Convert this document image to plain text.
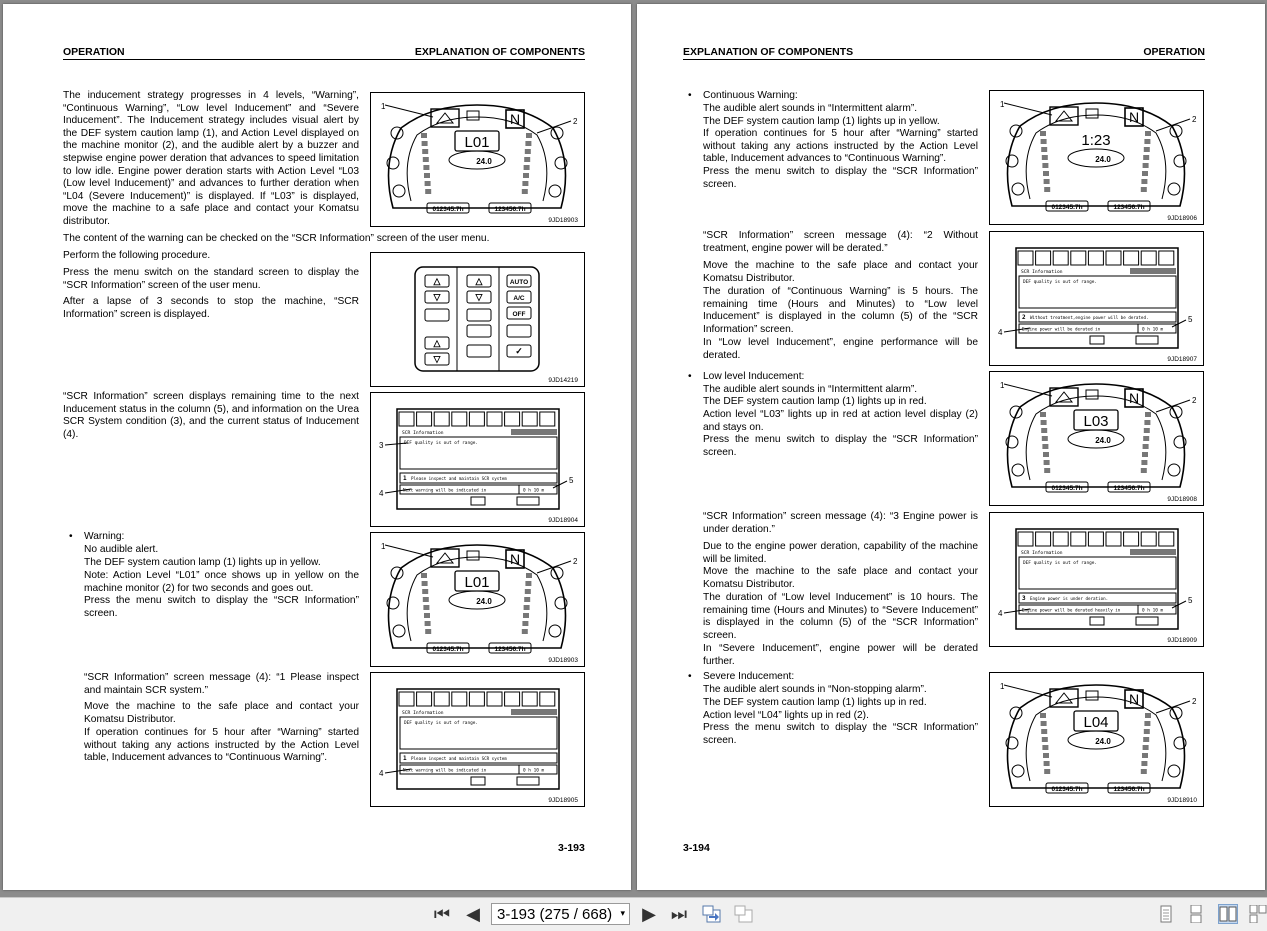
OPERATION	EXPLANATION OF COMPONENTS

The inducement strategy progresses in 4 levels, “Warning”, “Continuous Warning”, “Low level Inducement” and “Severe Inducement”. The Inducement strategy includes visual alert by the DEF system caution lamp (1), and Action Level displayed on the machine monitor (2), and the audible alert by a buzzer and stepwise engine power deration that advances to speed limitation to low idle. Engine power deration starts with Action Level “L03 (Low level Inducement)” and advances to further deration when “L04 (Severe Inducement)” is displayed. If “L03” is displayed, move the machine to a safe place and contact your Komatsu distributor.

The content of the warning can be checked on the “SCR Information” screen of the user menu.

Perform the following procedure.

Press the menu switch on the standard screen to display the “SCR Information” screen of the user menu.

After a lapse of 3 seconds to stop the machine, “SCR Information” screen is displayed.

“SCR Information” screen displays remaining time to the next Inducement status in the column (5), and information on the Urea SCR System condition (3), and the current status of Inducement (4).

• Warning:

No audible alert.

The DEF system caution lamp (1) lights up in yellow.

Note: Action Level “L01” once shows up in yellow on the machine monitor (2) for two seconds and goes out.

Press the menu switch to display the “SCR Information” screen.

“SCR Information” screen message (4): “1 Please inspect and maintain SCR system.”

Move the machine to the safe place and contact your Komatsu Distributor.

If operation continues for 5 hour after “Warning” started without taking any actions instructed by the Action Level table, Inducement advances to “Continuous Warning”.

L01
N
24.0
012345.7h	123456.7h
1
2
9JD18903
△
▽
△
▽
AUTO
A/C
OFF
△
▽
✓
9JD14219
SCR Information
DEF quality is out of range.
1 Please inspect and maintain SCR system
Next warning will be indicated in	0 h 10 m
3
4
5
9JD18904
L01
N
24.0
012345.7h	123456.7h
1
2
9JD18903
SCR Information
DEF quality is out of range.
1 Please inspect and maintain SCR system
Next warning will be indicated in	0 h 10 m
4
9JD18905
3-193
EXPLANATION OF COMPONENTS	OPERATION
• Continuous Warning:

The audible alert sounds in “Intermittent alarm”.

The DEF system caution lamp (1) lights up in yellow.

If operation continues for 5 hour after “Warning” started without taking any actions instructed by the Action Level table, Inducement advances to “Continuous Warning”.

Press the menu switch to display the “SCR Information” screen.

“SCR Information” screen message (4): “2 Without treatment, engine power will be derated.”

Move the machine to the safe place and contact your Komatsu Distributor.

The duration of “Continuous Warning” is 5 hours. The remaining time (Hours and Minutes) to “Low level Inducement” is displayed in the column (5) of the “SCR Information” screen.

In “Low level Inducement”, engine performance will be derated.

• Low level Inducement:

The audible alert sounds in “Intermittent alarm”.

The DEF system caution lamp (1) lights up in red.

Action level “L03” lights up in red at action level display (2) and stays on.

Press the menu switch to display the “SCR Information” screen.

“SCR Information” screen message (4): “3 Engine power is under deration.”

Due to the engine power deration, capability of the machine will be limited.

Move the machine to the safe place and contact your Komatsu Distributor.

The duration of “Low level Inducement” is 10 hours. The remaining time (Hours and Minutes) to “Severe Inducement” is displayed in the column (5) of the “SCR Information” screen.

In “Severe Inducement”, engine power will be derated further.

• Severe Inducement:

The audible alert sounds in “Non-stopping alarm”.

The DEF system caution lamp (1) lights up in red.

Action level “L04” lights up in red (2).

Press the menu switch to display the “SCR Information” screen.

1:23
N
24.0
012345.7h	123456.7h
1
2
9JD18906
SCR Information
DEF quality is out of range.
2 Without treatment,engine power will be derated.
Engine power will be derated in	0 h 10 m
4
5
9JD18907
L03
N
24.0
012345.7h	123456.7h
1
2
9JD18908
SCR Information
DEF quality is out of range.
3 Engine power is under deration.
Engine power will be derated heavily in	0 h 10 m
4
5
9JD18909
L04
N
24.0
012345.7h	123456.7h
1
2
9JD18910
3-194
⏮ ◀ 3-193 (275 / 668) ▾ ▶ ⏭
